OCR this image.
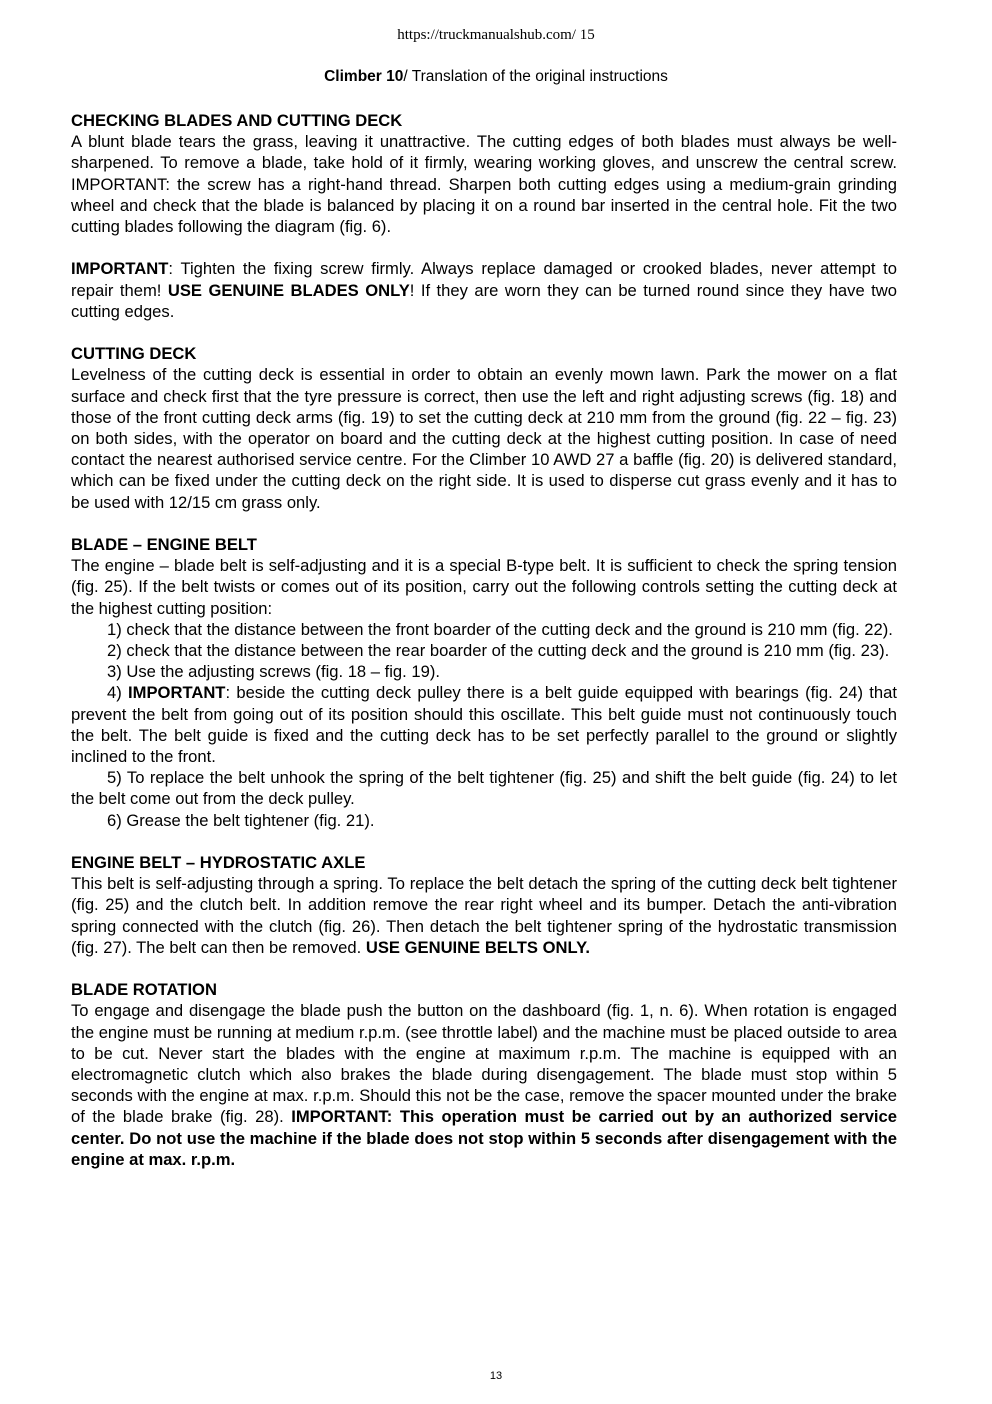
https://truckmanualshub.com/ 15
Climber 10/ Translation of the original instructions
CHECKING BLADES AND CUTTING DECK

A blunt blade tears the grass, leaving it unattractive. The cutting edges of both blades must always be well-sharpened. To remove a blade, take hold of it firmly, wearing working gloves, and unscrew the central screw. IMPORTANT: the screw has a right-hand thread. Sharpen both cutting edges using a medium-grain grinding wheel and check that the blade is balanced by placing it on a round bar inserted in the central hole. Fit the two cutting blades following the diagram (fig. 6).

IMPORTANT: Tighten the fixing screw firmly. Always replace damaged or crooked blades, never attempt to repair them! USE GENUINE BLADES ONLY! If they are worn they can be turned round since they have two cutting edges.

CUTTING DECK

Levelness of the cutting deck is essential in order to obtain an evenly mown lawn. Park the mower on a flat surface and check first that the tyre pressure is correct, then use the left and right adjusting screws (fig. 18) and those of the front cutting deck arms (fig. 19) to set the cutting deck at 210 mm from the ground (fig. 22 – fig. 23) on both sides, with the operator on board and the cutting deck at the highest cutting position. In case of need contact the nearest authorised service centre. For the Climber 10 AWD 27 a baffle (fig. 20) is delivered standard, which can be fixed under the cutting deck on the right side. It is used to disperse cut grass evenly and it has to be used with 12/15 cm grass only.

BLADE – ENGINE BELT

The engine – blade belt is self-adjusting and it is a special B-type belt. It is sufficient to check the spring tension (fig. 25). If the belt twists or comes out of its position, carry out the following controls setting the cutting deck at the highest cutting position:

1) check that the distance between the front boarder of the cutting deck and the ground is 210 mm (fig. 22).

2) check that the distance between the rear boarder of the cutting deck and the ground is 210 mm (fig. 23).

3) Use the adjusting screws (fig. 18 – fig. 19).

4) IMPORTANT: beside the cutting deck pulley there is a belt guide equipped with bearings (fig. 24) that prevent the belt from going out of its position should this oscillate. This belt guide must not continuously touch the belt. The belt guide is fixed and the cutting deck has to be set perfectly parallel to the ground or slightly inclined to the front.

5) To replace the belt unhook the spring of the belt tightener (fig. 25) and shift the belt guide (fig. 24) to let the belt come out from the deck pulley.

6) Grease the belt tightener (fig. 21).

ENGINE BELT – HYDROSTATIC AXLE

This belt is self-adjusting through a spring. To replace the belt detach the spring of the cutting deck belt tightener (fig. 25) and the clutch belt. In addition remove the rear right wheel and its bumper. Detach the anti-vibration spring connected with the clutch (fig. 26). Then detach the belt tightener spring of the hydrostatic transmission (fig. 27). The belt can then be removed. USE GENUINE BELTS ONLY.

BLADE ROTATION

To engage and disengage the blade push the button on the dashboard (fig. 1, n. 6). When rotation is engaged the engine must be running at medium r.p.m. (see throttle label) and the machine must be placed outside to area to be cut. Never start the blades with the engine at maximum r.p.m. The machine is equipped with an electromagnetic clutch which also brakes the blade during disengagement. The blade must stop within 5 seconds with the engine at max. r.p.m. Should this not be the case, remove the spacer mounted under the brake of the blade brake (fig. 28). IMPORTANT: This operation must be carried out by an authorized service center. Do not use the machine if the blade does not stop within 5 seconds after disengagement with the engine at max. r.p.m.

13
